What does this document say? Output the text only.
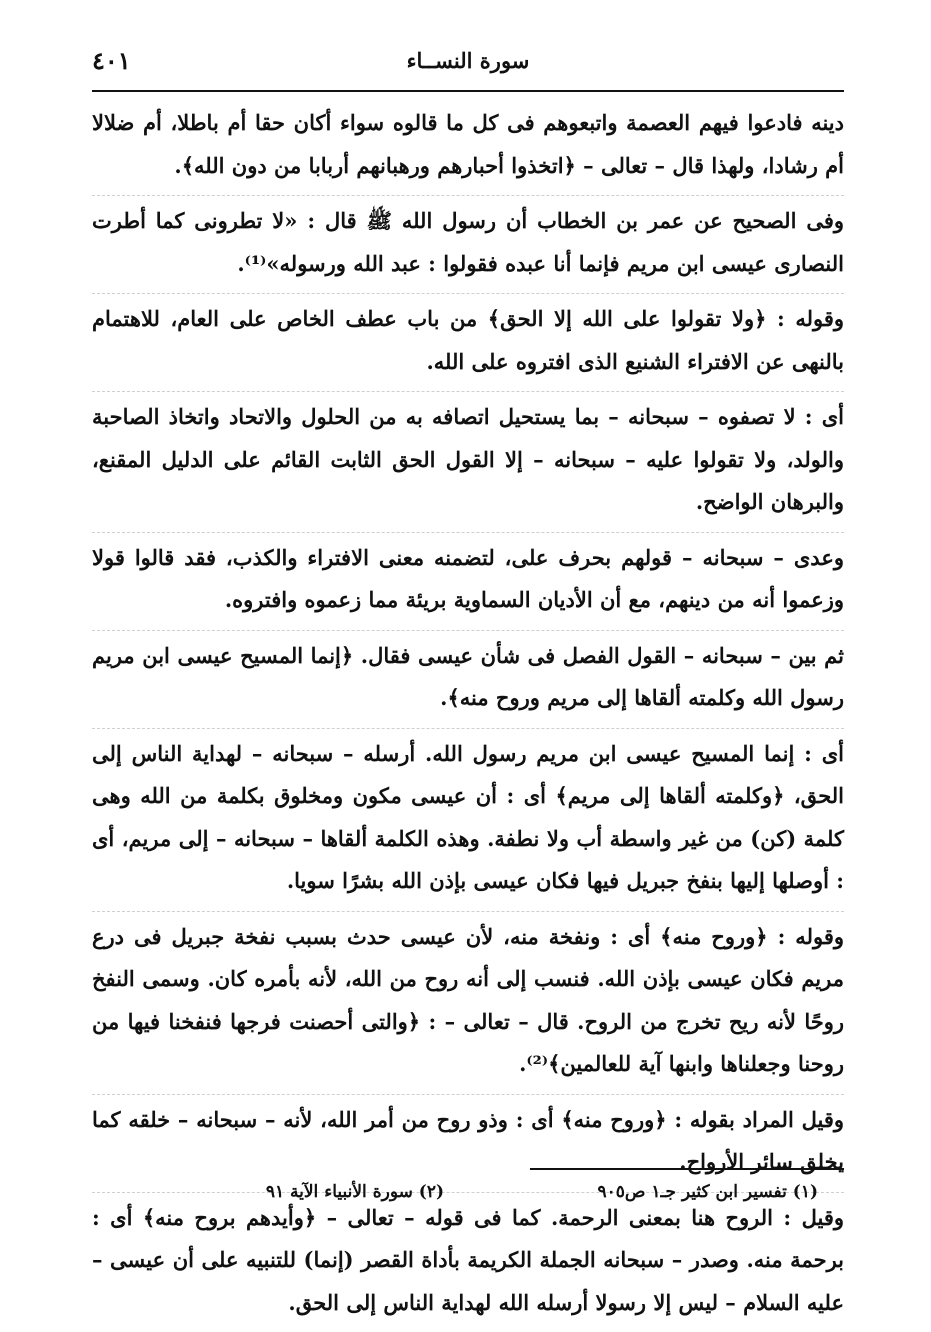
٤٠١	سورة النســاء

دينه فادعوا فيهم العصمة واتبعوهم فى كل ما قالوه سواء أكان حقا أم باطلا، أم ضلالا أم رشادا، ولهذا قال – تعالى – ﴿اتخذوا أحبارهم ورهبانهم أربابا من دون الله﴾.

وفى الصحيح عن عمر بن الخطاب أن رسول الله ﷺ قال : «لا تطرونى كما أطرت النصارى عيسى ابن مريم فإنما أنا عبده فقولوا : عبد الله ورسوله»⁽¹⁾.

وقوله : ﴿ولا تقولوا على الله إلا الحق﴾ من باب عطف الخاص على العام، للاهتمام بالنهى عن الافتراء الشنيع الذى افتروه على الله.

أى : لا تصفوه – سبحانه – بما يستحيل اتصافه به من الحلول والاتحاد واتخاذ الصاحبة والولد، ولا تقولوا عليه – سبحانه – إلا القول الحق الثابت القائم على الدليل المقنع، والبرهان الواضح.

وعدى – سبحانه – قولهم بحرف على، لتضمنه معنى الافتراء والكذب، فقد قالوا قولا وزعموا أنه من دينهم، مع أن الأديان السماوية بريئة مما زعموه وافتروه.

ثم بين – سبحانه – القول الفصل فى شأن عيسى فقال. ﴿إنما المسيح عيسى ابن مريم رسول الله وكلمته ألقاها إلى مريم وروح منه﴾.

أى : إنما المسيح عيسى ابن مريم رسول الله. أرسله – سبحانه – لهداية الناس إلى الحق، ﴿وكلمته ألقاها إلى مريم﴾ أى : أن عيسى مكون ومخلوق بكلمة من الله وهى كلمة (كن) من غير واسطة أب ولا نطفة. وهذه الكلمة ألقاها – سبحانه – إلى مريم، أى : أوصلها إليها بنفخ جبريل فيها فكان عيسى بإذن الله بشرًا سويا.

وقوله : ﴿وروح منه﴾ أى : ونفخة منه، لأن عيسى حدث بسبب نفخة جبريل فى درع مريم فكان عيسى بإذن الله. فنسب إلى أنه روح من الله، لأنه بأمره كان. وسمى النفخ روحًا لأنه ريح تخرج من الروح. قال – تعالى – : ﴿والتى أحصنت فرجها فنفخنا فيها من روحنا وجعلناها وابنها آية للعالمين﴾⁽²⁾.

وقيل المراد بقوله : ﴿وروح منه﴾ أى : وذو روح من أمر الله، لأنه – سبحانه – خلقه كما يخلق سائر الأرواح.

وقيل : الروح هنا بمعنى الرحمة. كما فى قوله – تعالى – ﴿وأيدهم بروح منه﴾ أى : برحمة منه. وصدر – سبحانه الجملة الكريمة بأداة القصر (إنما) للتنبيه على أن عيسى – عليه السلام – ليس إلا رسولا أرسله الله لهداية الناس إلى الحق.

(١) تفسير ابن كثير جـ١ ص٩٠٥
(٢) سورة الأنبياء الآية ٩١
